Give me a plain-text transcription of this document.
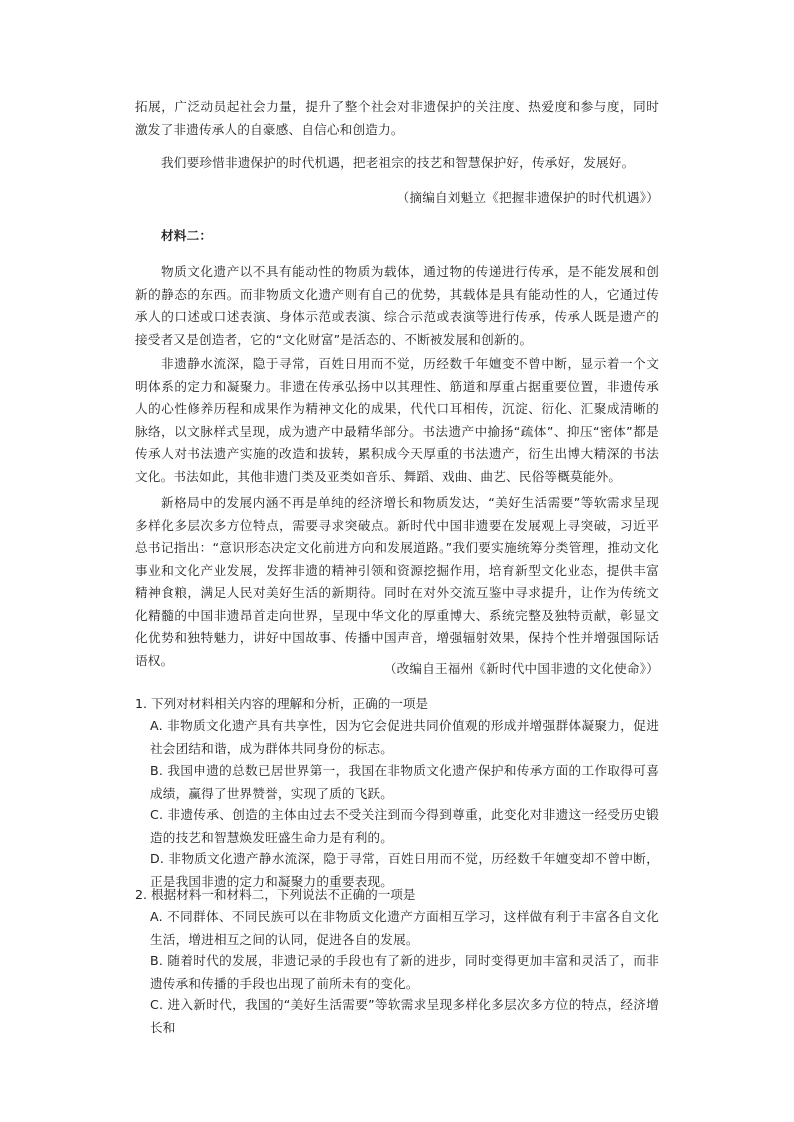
拓展，广泛动员起社会力量，提升了整个社会对非遗保护的关注度、热爱度和参与度，同时激发了非遗传承人的自豪感、自信心和创造力。

我们要珍惜非遗保护的时代机遇，把老祖宗的技艺和智慧保护好，传承好，发展好。

（摘编自刘魁立《把握非遗保护的时代机遇》）

材料二：

物质文化遗产以不具有能动性的物质为载体，通过物的传递进行传承，是不能发展和创新的静态的东西。而非物质文化遗产则有自己的优势，其载体是具有能动性的人，它通过传承人的口述或口述表演、身体示范或表演、综合示范或表演等进行传承，传承人既是遗产的接受者又是创造者，它的“文化财富”是活态的、不断被发展和创新的。

非遗静水流深，隐于寻常，百姓日用而不觉，历经数千年嬗变不曾中断，显示着一个文明体系的定力和凝聚力。非遗在传承弘扬中以其理性、筋道和厚重占据重要位置，非遗传承人的心性修养历程和成果作为精神文化的成果，代代口耳相传，沉淀、衍化、汇聚成清晰的脉络，以文脉样式呈现，成为遗产中最精华部分。书法遗产中揄扬“疏体”、抑压“密体”都是传承人对书法遗产实施的改造和拔转，累积成今天厚重的书法遗产，衍生出博大精深的书法文化。书法如此，其他非遗门类及亚类如音乐、舞蹈、戏曲、曲艺、民俗等概莫能外。

新格局中的发展内涵不再是单纯的经济增长和物质发达，“美好生活需要”等软需求呈现多样化多层次多方位特点，需要寻求突破点。新时代中国非遗要在发展观上寻突破，习近平总书记指出：“意识形态决定文化前进方向和发展道路。”我们要实施统筹分类管理，推动文化事业和文化产业发展，发挥非遗的精神引领和资源挖掘作用，培育新型文化业态，提供丰富精神食粮，满足人民对美好生活的新期待。同时在对外交流互鉴中寻求提升，让作为传统文化精髓的中国非遗昂首走向世界，呈现中华文化的厚重博大、系统完整及独特贡献，彰显文化优势和独特魅力，讲好中国故事、传播中国声音，增强辐射效果，保持个性并增强国际话语权。

（改编自王福州《新时代中国非遗的文化使命》）

1. 下列对材料相关内容的理解和分析，正确的一项是

A. 非物质文化遗产具有共享性，因为它会促进共同价值观的形成并增强群体凝聚力，促进社会团结和谐，成为群体共同身份的标志。

B. 我国申遗的总数已居世界第一，我国在非物质文化遗产保护和传承方面的工作取得可喜成绩，赢得了世界赞誉，实现了质的飞跃。

C. 非遗传承、创造的主体由过去不受关注到而今得到尊重，此变化对非遗这一经受历史锻造的技艺和智慧焕发旺盛生命力是有利的。

D. 非物质文化遗产静水流深，隐于寻常，百姓日用而不觉，历经数千年嬗变却不曾中断，正是我国非遗的定力和凝聚力的重要表现。

2. 根据材料一和材料二，下列说法不正确的一项是

A. 不同群体、不同民族可以在非物质文化遗产方面相互学习，这样做有利于丰富各自文化生活，增进相互之间的认同，促进各自的发展。

B. 随着时代的发展，非遗记录的手段也有了新的进步，同时变得更加丰富和灵活了，而非遗传承和传播的手段也出现了前所未有的变化。

C. 进入新时代，我国的“美好生活需要”等软需求呈现多样化多层次多方位的特点，经济增长和
